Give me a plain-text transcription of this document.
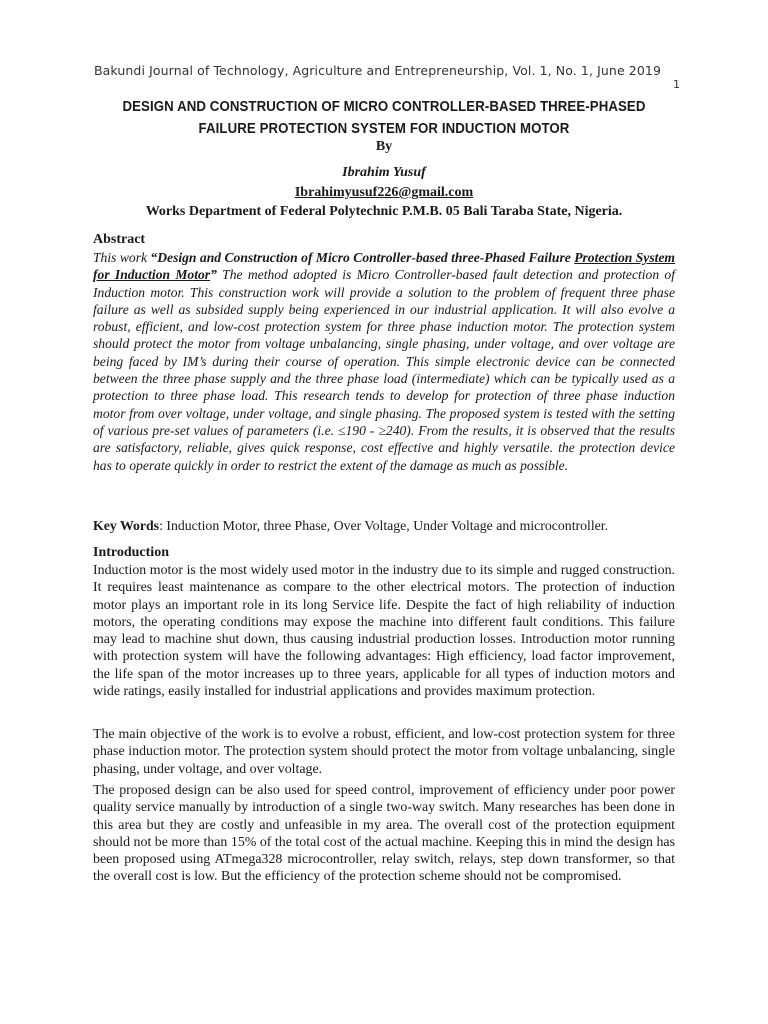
Bakundi Journal of Technology, Agriculture and Entrepreneurship, Vol. 1, No. 1, June 2019
1
DESIGN AND CONSTRUCTION OF MICRO CONTROLLER-BASED THREE-PHASED FAILURE PROTECTION SYSTEM FOR INDUCTION MOTOR
By
Ibrahim Yusuf
Ibrahimyusuf226@gmail.com
Works Department of Federal Polytechnic P.M.B. 05 Bali Taraba State, Nigeria.
Abstract

This work “Design and Construction of Micro Controller-based three-Phased Failure Protection System for Induction Motor” The method adopted is Micro Controller-based fault detection and protection of Induction motor. This construction work will provide a solution to the problem of frequent three phase failure as well as subsided supply being experienced in our industrial application. It will also evolve a robust, efficient, and low-cost protection system for three phase induction motor. The protection system should protect the motor from voltage unbalancing, single phasing, under voltage, and over voltage are being faced by IM’s during their course of operation. This simple electronic device can be connected between the three phase supply and the three phase load (intermediate) which can be typically used as a protection to three phase load. This research tends to develop for protection of three phase induction motor from over voltage, under voltage, and single phasing. The proposed system is tested with the setting of various pre-set values of parameters (i.e. ≤190 - ≥240). From the results, it is observed that the results are satisfactory, reliable, gives quick response, cost effective and highly versatile. the protection device has to operate quickly in order to restrict the extent of the damage as much as possible.

Key Words: Induction Motor, three Phase, Over Voltage, Under Voltage and microcontroller.
Introduction

Induction motor is the most widely used motor in the industry due to its simple and rugged construction. It requires least maintenance as compare to the other electrical motors. The protection of induction motor plays an important role in its long Service life. Despite the fact of high reliability of induction motors, the operating conditions may expose the machine into different fault conditions. This failure may lead to machine shut down, thus causing industrial production losses. Introduction motor running with protection system will have the following advantages: High efficiency, load factor improvement, the life span of the motor increases up to three years, applicable for all types of induction motors and wide ratings, easily installed for industrial applications and provides maximum protection.

The main objective of the work is to evolve a robust, efficient, and low-cost protection system for three phase induction motor. The protection system should protect the motor from voltage unbalancing, single phasing, under voltage, and over voltage.

The proposed design can be also used for speed control, improvement of efficiency under poor power quality service manually by introduction of a single two-way switch. Many researches has been done in this area but they are costly and unfeasible in my area. The overall cost of the protection equipment should not be more than 15% of the total cost of the actual machine. Keeping this in mind the design has been proposed using ATmega328 microcontroller, relay switch, relays, step down transformer, so that the overall cost is low. But the efficiency of the protection scheme should not be compromised.
